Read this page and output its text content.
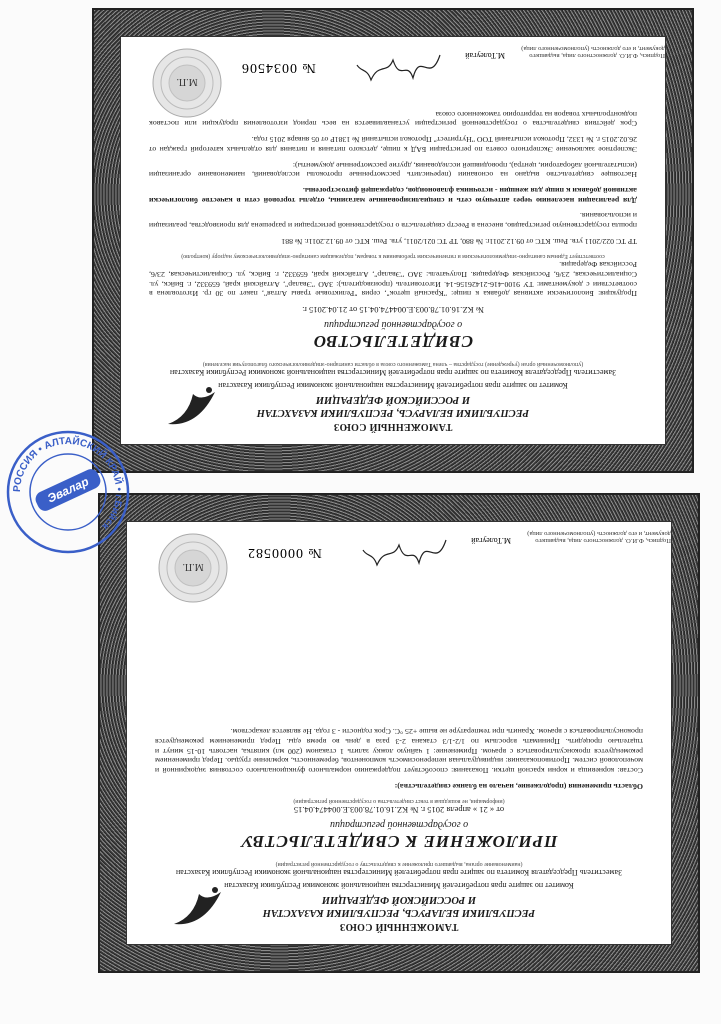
ТАМОЖЕННЫЙ СОЮЗ
РЕСПУБЛИКИ БЕЛАРУСЬ, РЕСПУБЛИКИ КАЗАХСТАН
И РОССИЙСКОЙ ФЕДЕРАЦИИ
Комитет по защите прав потребителей Министерства национальной экономики Республики Казахстан
Заместитель Председателя Комитета по защите прав потребителей Министерства национальной экономики Республики Казахстан
(уполномоченный орган (учреждение) государства – члена Таможенного союза в области санитарно-эпидемиологического благополучия населения)
СВИДЕТЕЛЬСТВО
о государственной регистрации
№ KZ.16.01.78.003.E.004474.04.15 от 21.04.2015 г.
Продукция: Биологически активная добавка к пище: "Красный щеток", серия "Реликтовые травы Алтая", пакет по 30 гр. Изготовлена в соответствии с документами: ТУ 9100-416-21426156-14. Изготовитель (производитель): ЗАО "Эвалар", Алтайский край, 659332, г. Бийск, ул. Социалистическая, 23/6, Российская Федерация. Получатель: ЗАО "Эвалар", Алтайский край, 659332, г. Бийск, ул. Социалистическая, 23/6, Российская Федерация.
соответствует Единым санитарно-эпидемиологическим и гигиеническим требованиям к товарам, подлежащим санитарно-эпидемиологическому надзору (контролю)
ТР ТС 022/2011 утв. Реш. КТС от 09.12.2011г. № 880, ТР ТС 021/2011, утв. Реш. КТС от 09.12.2011г. № 881
прошла государственную регистрацию, внесена в Реестр свидетельств о государственной регистрации и разрешена для производства, реализации и использования.
Для реализации населению через аптечную сеть и специализированные магазины, отделы торговой сети в качестве биологически активной добавки к пище для женщин - источника флавоноидов, содержащей фитоэстрогены.
Настоящее свидетельство выдано на основании (перечислить рассмотренные протоколы исследований, наименование организации (испытательной лаборатории, центра), проводившей исследования, другие рассмотренные документы):
Экспертное заключение Экспертного совета по регистрации БАД к пище, детского питания и питания для отдельных категорий граждан от 26.02.2015 г. № 1332, Протокол испытаний ТОО "Нутритест" Протокол испытаний № 1381Р от 05 января 2015 года.
Срок действия свидетельства о государственной регистрации устанавливается на весь период изготовления продукции или поставок подконтрольных товаров на территорию таможенного союза
Подпись, Ф.И.О. должностного лица, выдавшего документ, и его должность (уполномоченного лица)
М.Толеугай
№ 0034506
М.П.
ТАМОЖЕННЫЙ СОЮЗ
РЕСПУБЛИКИ БЕЛАРУСЬ, РЕСПУБЛИКИ КАЗАХСТАН
И РОССИЙСКОЙ ФЕДЕРАЦИИ
Комитет по защите прав потребителей Министерства национальной экономики Республики Казахстан
Заместитель Председателя Комитета по защите прав потребителей Министерства национальной экономики Республики Казахстан
(наименование органа, выдавшего приложение к свидетельству о государственной регистрации)
ПРИЛОЖЕНИЕ К СВИДЕТЕЛЬСТВУ
о государственной регистрации
от « 21 » апреля 2015 г. № KZ.16.01.78.003.E.004474.04.15
(информация, не вошедшая в текст свидетельства о государственной регистрации)
Область применения (продолжение, начало на бланке свидетельства):
Состав: корневища и корни красной щетки. Показания: способствует поддержанию нормального функционального состояния эндокринной и мочеполовой систем. Противопоказания: индивидуальная непереносимость компонентов, беременность, кормление грудью. Перед применением рекомендуется проконсультироваться с врачом. Применение: 1 чайную ложку залить 1 стаканом (200 мл) кипятка, настоять 10-15 минут и тщательно процедить. Принимать взрослым по 1/2-1/3 стакана 2-3 раза в день во время еды. Перед применением рекомендуется проконсультироваться с врачом. Хранить при температуре не выше +25 °С. Срок годности - 3 года. Не является лекарством.
Подпись, Ф.И.О. должностного лица, выдавшего документ, и его должность (уполномоченного лица)
М.Толеугай
№ 0000582
М.П.
РОССИЯ • АЛТАЙСКИЙ КРАЙ • г.Бийск
Эвалар
